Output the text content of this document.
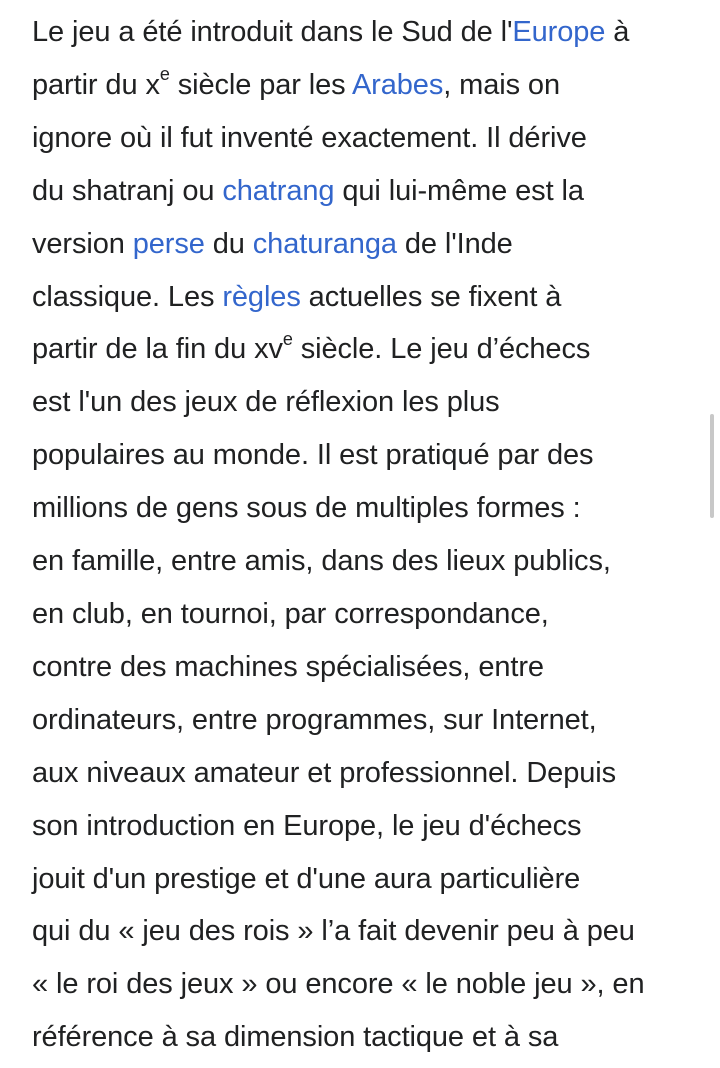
Le jeu a été introduit dans le Sud de l'Europe à
partir du $x^e$ siècle par les Arabes, mais on
ignore où il fut inventé exactement. Il dérive
du shatranj ou chatrang qui lui-même est la
version perse du chaturanga de l'Inde
classique. Les règles actuelles se fixent à
partir de la fin du $xv^e$ siècle. Le jeu d’échecs
est l'un des jeux de réflexion les plus
populaires au monde. Il est pratiqué par des
millions de gens sous de multiples formes :
en famille, entre amis, dans des lieux publics,
en club, en tournoi, par correspondance,
contre des machines spécialisées, entre
ordinateurs, entre programmes, sur Internet,
aux niveaux amateur et professionnel. Depuis
son introduction en Europe, le jeu d'échecs
jouit d'un prestige et d'une aura particulière
qui du « jeu des rois » l’a fait devenir peu à peu
« le roi des jeux » ou encore « le noble jeu », en
référence à sa dimension tactique et à sa
